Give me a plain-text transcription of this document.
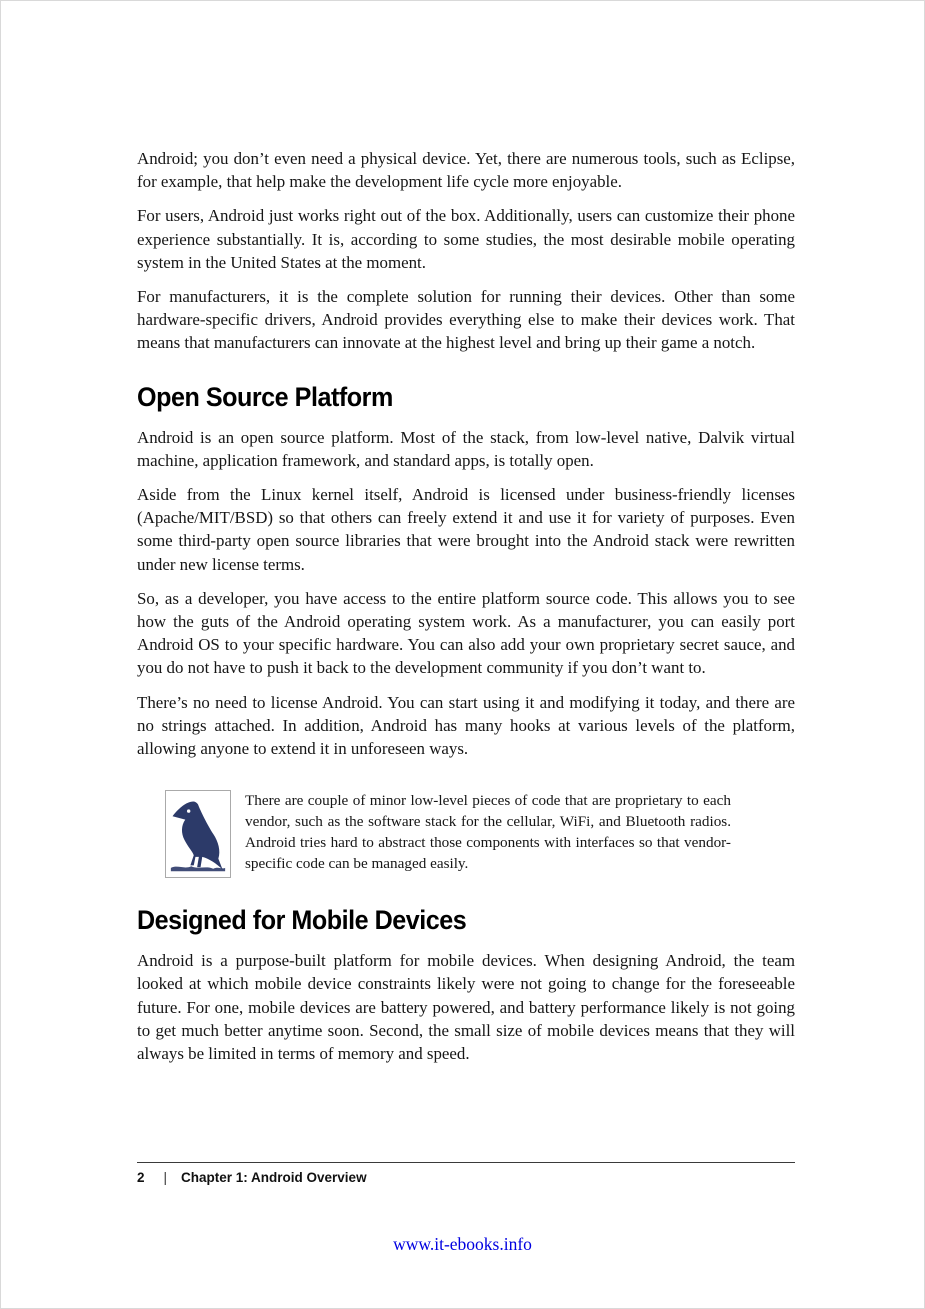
Android; you don’t even need a physical device. Yet, there are numerous tools, such as Eclipse, for example, that help make the development life cycle more enjoyable.

For users, Android just works right out of the box. Additionally, users can customize their phone experience substantially. It is, according to some studies, the most desirable mobile operating system in the United States at the moment.

For manufacturers, it is the complete solution for running their devices. Other than some hardware-specific drivers, Android provides everything else to make their devices work. That means that manufacturers can innovate at the highest level and bring up their game a notch.

Open Source Platform

Android is an open source platform. Most of the stack, from low-level native, Dalvik virtual machine, application framework, and standard apps, is totally open.

Aside from the Linux kernel itself, Android is licensed under business-friendly licenses (Apache/MIT/BSD) so that others can freely extend it and use it for variety of purposes. Even some third-party open source libraries that were brought into the Android stack were rewritten under new license terms.

So, as a developer, you have access to the entire platform source code. This allows you to see how the guts of the Android operating system work. As a manufacturer, you can easily port Android OS to your specific hardware. You can also add your own proprietary secret sauce, and you do not have to push it back to the development community if you don’t want to.

There’s no need to license Android. You can start using it and modifying it today, and there are no strings attached. In addition, Android has many hooks at various levels of the platform, allowing anyone to extend it in unforeseen ways.

There are couple of minor low-level pieces of code that are proprietary to each vendor, such as the software stack for the cellular, WiFi, and Bluetooth radios. Android tries hard to abstract those components with interfaces so that vendor-specific code can be managed easily.
Designed for Mobile Devices

Android is a purpose-built platform for mobile devices. When designing Android, the team looked at which mobile device constraints likely were not going to change for the foreseeable future. For one, mobile devices are battery powered, and battery performance likely is not going to get much better anytime soon. Second, the small size of mobile devices means that they will always be limited in terms of memory and speed.

2 | Chapter 1: Android Overview
www.it-ebooks.info
